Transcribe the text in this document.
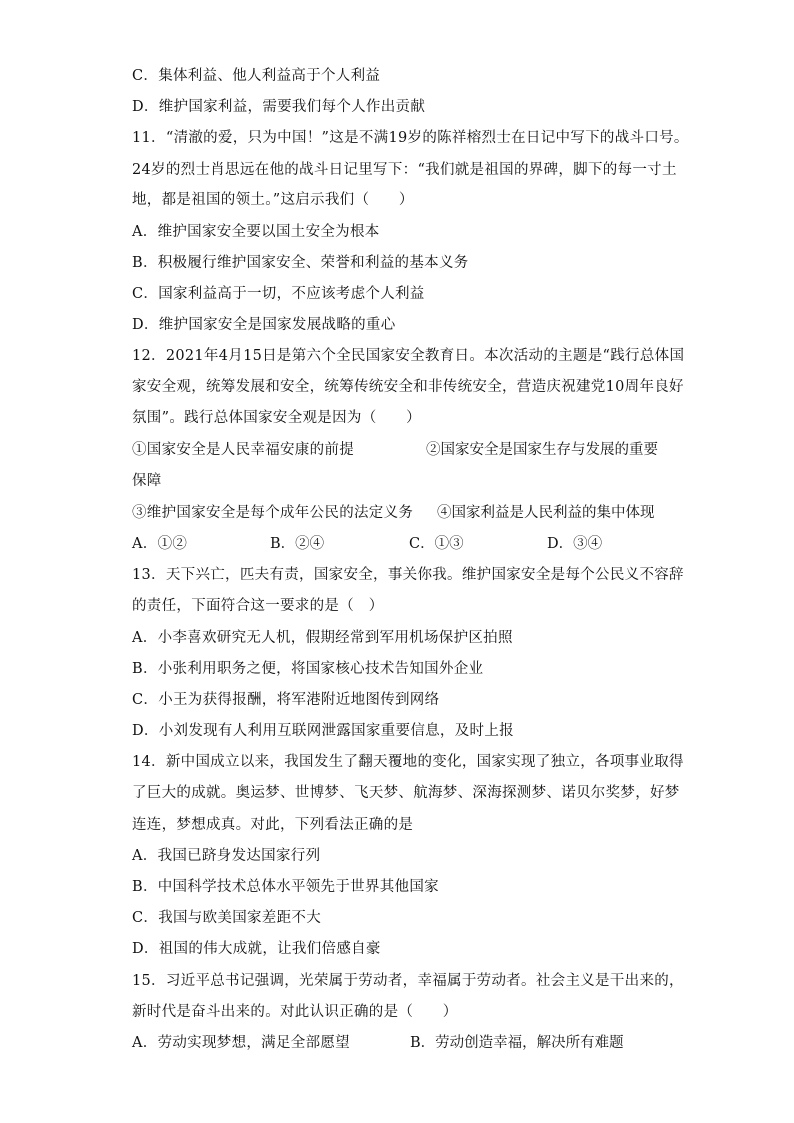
C．集体利益、他人利益高于个人利益
D．维护国家利益，需要我们每个人作出贡献
11．“清澈的爱，只为中国！”这是不满19岁的陈祥榕烈士在日记中写下的战斗口号。
24岁的烈士肖思远在他的战斗日记里写下：“我们就是祖国的界碑，脚下的每一寸土
地，都是祖国的领土。”这启示我们（　　）
A．维护国家安全要以国土安全为根本
B．积极履行维护国家安全、荣誉和利益的基本义务
C．国家利益高于一切，不应该考虑个人利益
D．维护国家安全是国家发展战略的重心
12．2021年4月15日是第六个全民国家安全教育日。本次活动的主题是“践行总体国
家安全观，统筹发展和安全，统筹传统安全和非传统安全，营造庆祝建党10周年良好
氛围”。践行总体国家安全观是因为（　　）
①国家安全是人民幸福安康的前提	②国家安全是国家生存与发展的重要
保障
③维护国家安全是每个成年公民的法定义务 ④国家利益是人民利益的集中体现
A．①②	B．②④	C．①③	D．③④
13．天下兴亡，匹夫有责，国家安全，事关你我。维护国家安全是每个公民义不容辞
的责任，下面符合这一要求的是（　）
A．小李喜欢研究无人机，假期经常到军用机场保护区拍照
B．小张利用职务之便，将国家核心技术告知国外企业
C．小王为获得报酬，将军港附近地图传到网络
D．小刘发现有人利用互联网泄露国家重要信息，及时上报
14．新中国成立以来，我国发生了翻天覆地的变化，国家实现了独立，各项事业取得
了巨大的成就。奥运梦、世博梦、飞天梦、航海梦、深海探测梦、诺贝尔奖梦，好梦
连连，梦想成真。对此，下列看法正确的是
A．我国已跻身发达国家行列
B．中国科学技术总体水平领先于世界其他国家
C．我国与欧美国家差距不大
D．祖国的伟大成就，让我们倍感自豪
15．习近平总书记强调，光荣属于劳动者，幸福属于劳动者。社会主义是干出来的，
新时代是奋斗出来的。对此认识正确的是（　　）
A．劳动实现梦想，满足全部愿望	B．劳动创造幸福，解决所有难题
